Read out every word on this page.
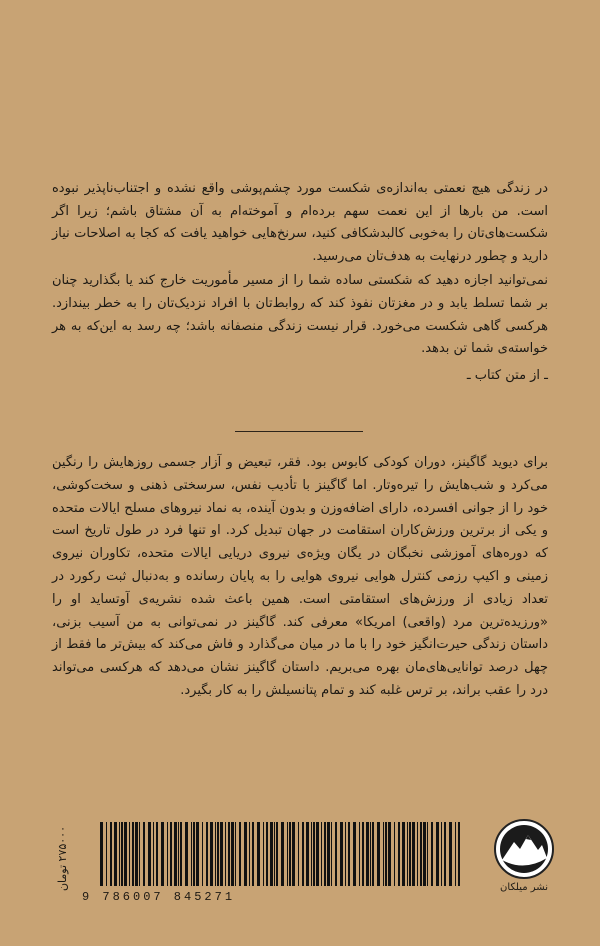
در زندگی هیچ نعمتی به‌اندازه‌ی شکست مورد چشم‌پوشی واقع نشده و اجتناب‌ناپذیر نبوده است. من بارها از این نعمت سهم برده‌ام و آموخته‌ام به آن مشتاق باشم؛ زیرا اگر شکست‌های‌تان را به‌خوبی کالبدشکافی کنید، سرنخ‌هایی خواهید یافت که کجا به اصلاحات نیاز دارید و چطور درنهایت به هدف‌تان می‌رسید.

نمی‌توانید اجازه دهید که شکستی ساده شما را از مسیر مأموریت خارج کند یا بگذارید چنان بر شما تسلط یابد و در مغزتان نفوذ کند که روابط‌تان با افراد نزدیک‌تان را به خطر بیندازد. هرکسی گاهی شکست می‌خورد. قرار نیست زندگی منصفانه باشد؛ چه رسد به این‌که به هر خواسته‌ی شما تن بدهد.

ـ از متن کتاب ـ

برای دیوید گاگینز، دوران کودکی کابوس بود. فقر، تبعیض و آزار جسمی روزهایش را رنگین می‌کرد و شب‌هایش را تیره‌وتار. اما گاگینز با تأدیب نفس، سرسختی ذهنی و سخت‌کوشی، خود را از جوانی افسرده، دارای اضافه‌وزن و بدون آینده، به نماد نیروهای مسلح ایالات متحده و یکی از برترین ورزش‌کاران استقامت در جهان تبدیل کرد. او تنها فرد در طول تاریخ است که دوره‌های آموزشی نخبگان در یگان ویژه‌ی نیروی دریایی ایالات متحده، تکاوران نیروی زمینی و اکیپ رزمی کنترل هوایی نیروی هوایی را به پایان رسانده و به‌دنبال ثبت رکورد در تعداد زیادی از ورزش‌های استقامتی است. همین باعث شده نشریه‌ی آوتساید او را «ورزیده‌ترین مرد (واقعی) امریکا» معرفی کند. گاگینز در نمی‌توانی به من آسیب بزنی، داستان زندگی حیرت‌انگیز خود را با ما در میان می‌گذارد و فاش می‌کند که بیش‌تر ما فقط از چهل درصد توانایی‌های‌مان بهره می‌بریم. داستان گاگینز نشان می‌دهد که هرکسی می‌تواند درد را عقب براند، بر ترس غلبه کند و تمام پتانسیلش را به کار بگیرد.

۲۷۵۰۰۰ تومان
9 786007 845271
نشر میلکان
